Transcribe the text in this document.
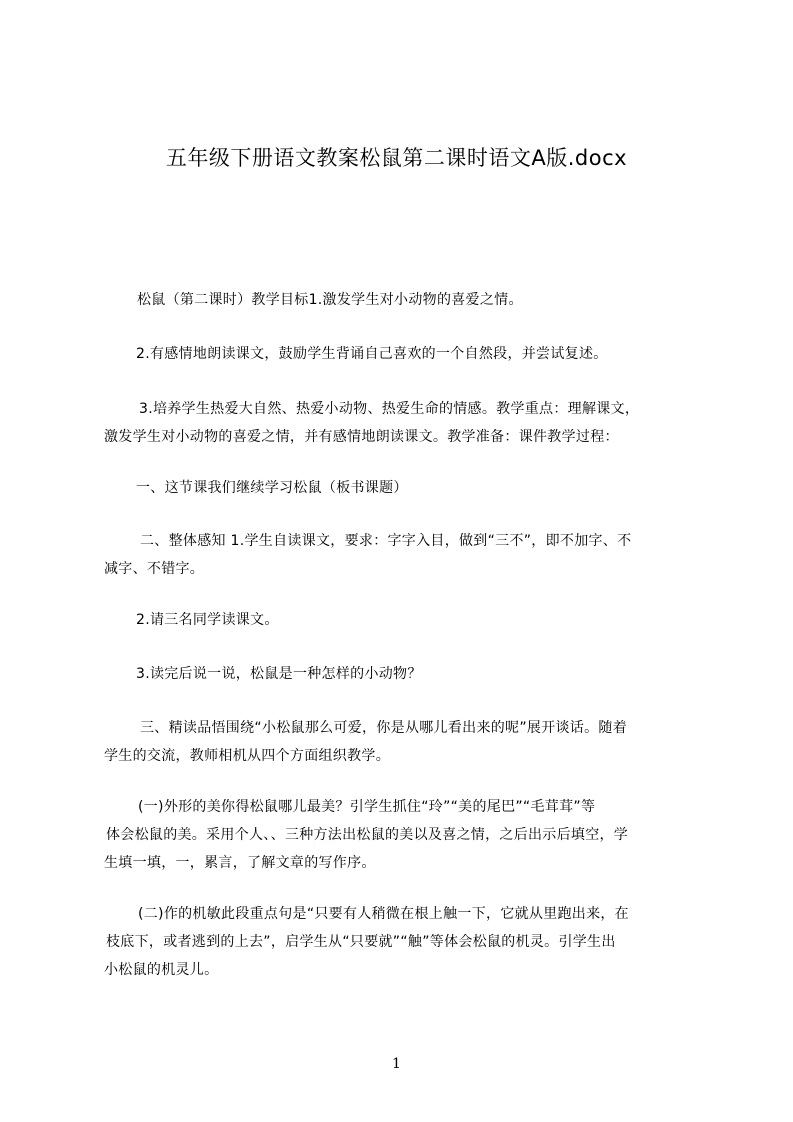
五年级下册语文教案松鼠第二课时语文A版.docx
松鼠（第二课时）教学目标1.激发学生对小动物的喜爱之情。
2.有感情地朗读课文，鼓励学生背诵自己喜欢的一个自然段，并尝试复述。
3.培养学生热爱大自然、热爱小动物、热爱生命的情感。教学重点：理解课文，
激发学生对小动物的喜爱之情，并有感情地朗读课文。教学准备：课件教学过程：
一、这节课我们继续学习松鼠（板书课题）
二、整体感知 1.学生自读课文，要求：字字入目，做到“三不”，即不加字、不
减字、不错字。
2.请三名同学读课文。
3.读完后说一说，松鼠是一种怎样的小动物？
三、精读品悟围绕“小松鼠那么可爱，你是从哪儿看出来的呢”展开谈话。随着
学生的交流，教师相机从四个方面组织教学。
(一)外形的美你得松鼠哪儿最美？引学生抓住“玲”“美的尾巴”“毛茸茸”等
体会松鼠的美。采用个人、、三种方法出松鼠的美以及喜之情，之后出示后填空，学
生填一填，一，累言，了解文章的写作序。
(二)作的机敏此段重点句是“只要有人稍微在根上触一下，它就从里跑出来，在
枝底下，或者逃到的上去”，启学生从“只要就”“触”等体会松鼠的机灵。引学生出
小松鼠的机灵儿。
1
